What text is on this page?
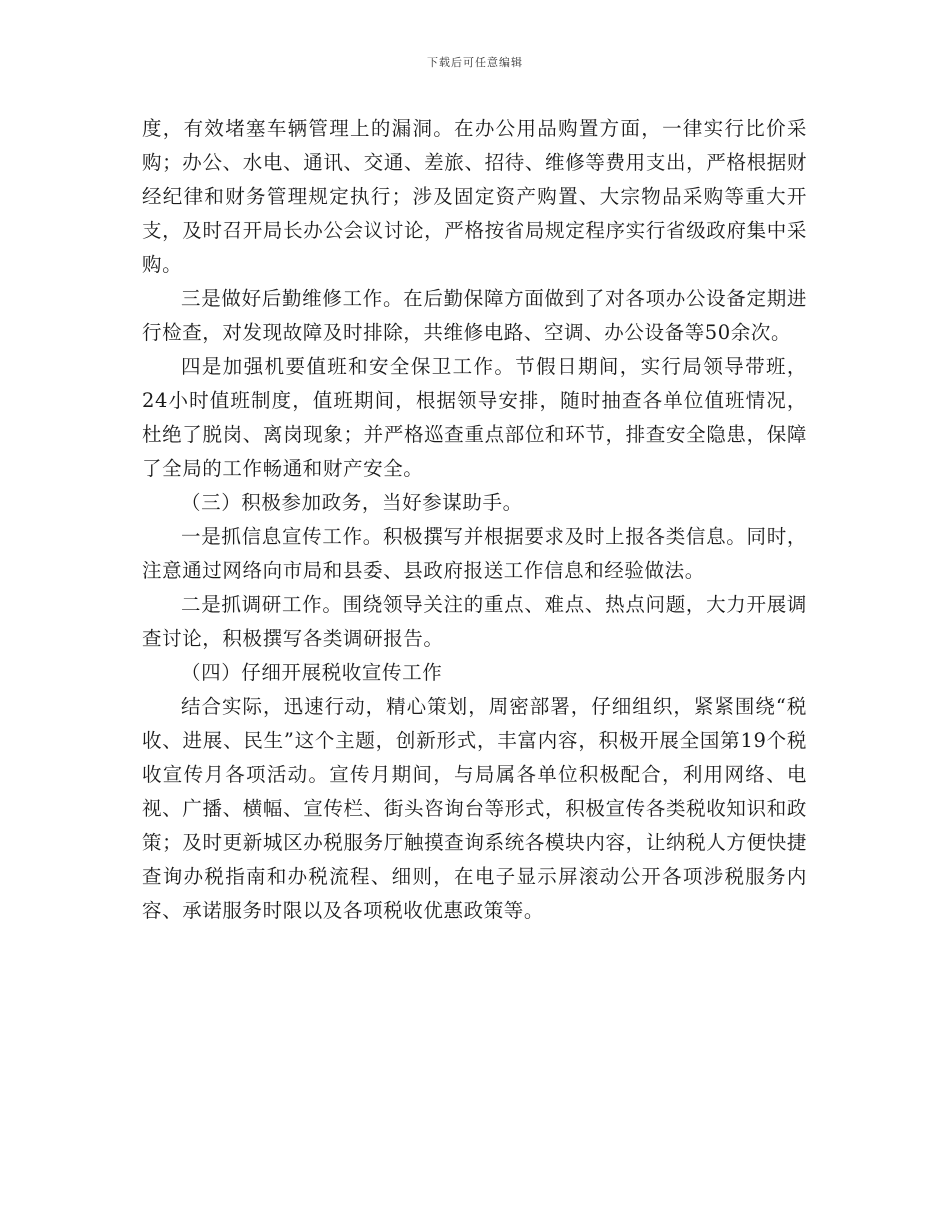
下载后可任意编辑

度，有效堵塞车辆管理上的漏洞。在办公用品购置方面，一律实行比价采购；办公、水电、通讯、交通、差旅、招待、维修等费用支出，严格根据财经纪律和财务管理规定执行；涉及固定资产购置、大宗物品采购等重大开支，及时召开局长办公会议讨论，严格按省局规定程序实行省级政府集中采购。

三是做好后勤维修工作。在后勤保障方面做到了对各项办公设备定期进行检查，对发现故障及时排除，共维修电路、空调、办公设备等50余次。

四是加强机要值班和安全保卫工作。节假日期间，实行局领导带班，24小时值班制度，值班期间，根据领导安排，随时抽查各单位值班情况，杜绝了脱岗、离岗现象；并严格巡查重点部位和环节，排查安全隐患，保障了全局的工作畅通和财产安全。

（三）积极参加政务，当好参谋助手。

一是抓信息宣传工作。积极撰写并根据要求及时上报各类信息。同时，注意通过网络向市局和县委、县政府报送工作信息和经验做法。

二是抓调研工作。围绕领导关注的重点、难点、热点问题，大力开展调查讨论，积极撰写各类调研报告。

（四）仔细开展税收宣传工作

结合实际，迅速行动，精心策划，周密部署，仔细组织，紧紧围绕“税收、进展、民生”这个主题，创新形式，丰富内容，积极开展全国第19个税收宣传月各项活动。宣传月期间，与局属各单位积极配合，利用网络、电视、广播、横幅、宣传栏、街头咨询台等形式，积极宣传各类税收知识和政策；及时更新城区办税服务厅触摸查询系统各模块内容，让纳税人方便快捷查询办税指南和办税流程、细则，在电子显示屏滚动公开各项涉税服务内容、承诺服务时限以及各项税收优惠政策等。
